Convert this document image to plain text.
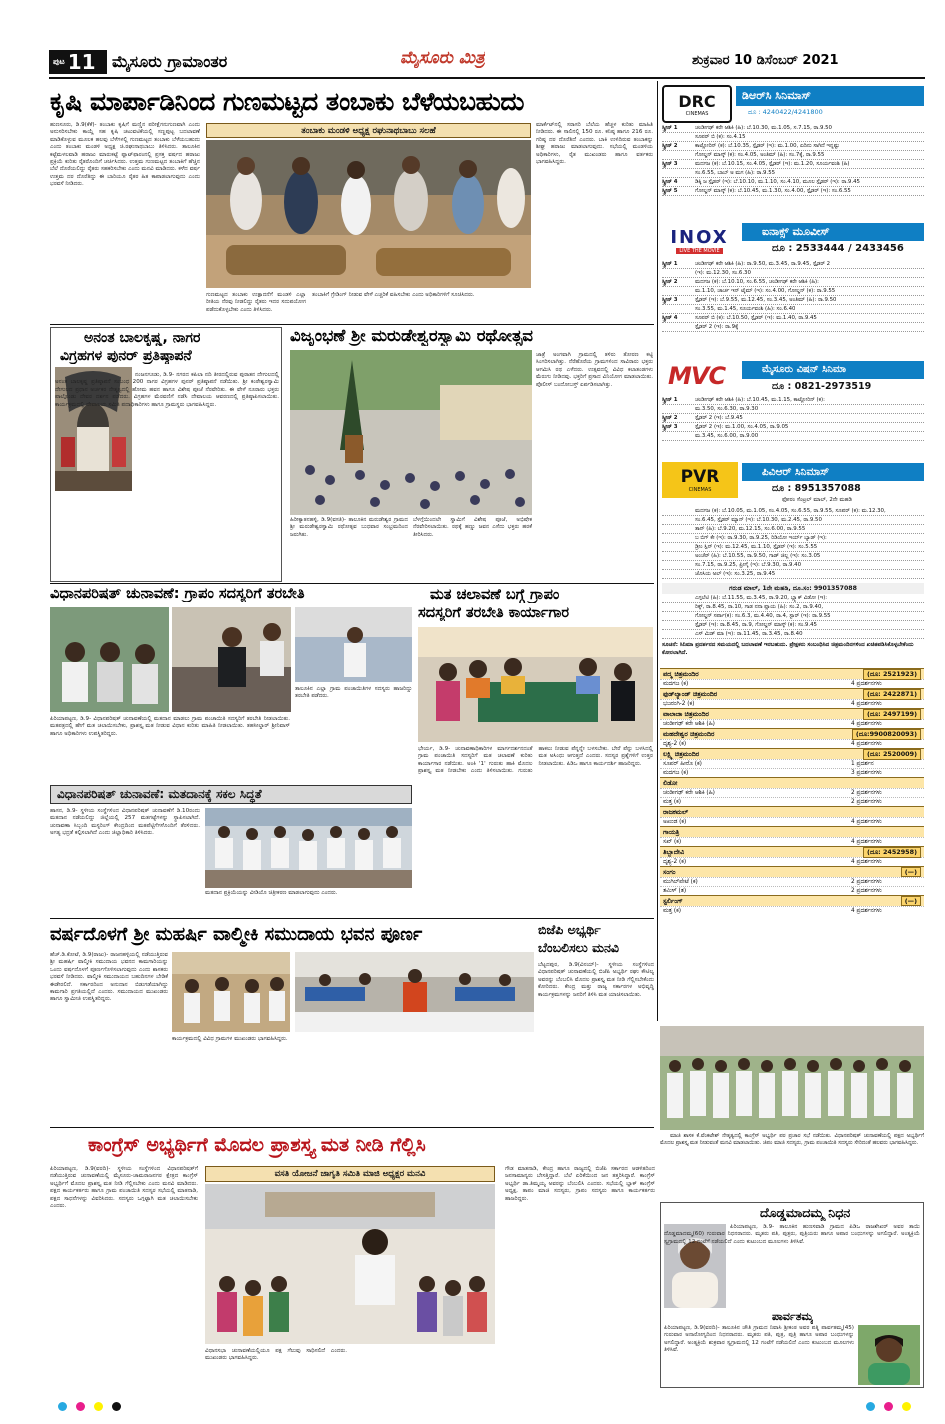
ಪುಟ 11 ಮೈಸೂರು ಗ್ರಾಮಾಂತರ	ಮೈಸೂರು ಮಿತ್ರ	ಶುಕ್ರವಾರ 10 ಡಿಸೆಂಬರ್ 2021
ಕೃಷಿ ಮಾರ್ಪಾಡಿನಿಂದ ಗುಣಮಟ್ಟದ ತಂಬಾಕು ಬೆಳೆಯಬಹುದು
ತಂಬಾಕು ಮಂಡಳಿ ಅಧ್ಯಕ್ಷ ರಘುನಾಥಬಾಬು ಸಲಹೆ
ಹುಣಸೂರು, ಡಿ.9(ಕೆಕೆ)- ತಂಬಾಕು ಕೃಷಿಗೆ ಮಣ್ಣಿನ ಪರೀಕ್ಷೆಗನುಗುಣವಾಗಿ ಎಂದು ಅನುಸರಿಸಬೇಕು ಕಾಯ್ದೆ ಸಹ ಕೃಷಿ ಚಟುವಟಿಕೆಯಲ್ಲಿ ಸಣ್ಣಪುಟ್ಟ ಬದಲಾವಣೆ ಮಾಡಿಕೊಳ್ಳುವ ಮೂಲಕ ಹಲವು ಬೆಳೆಗಳಲ್ಲಿ ಗುಣಮಟ್ಟದ ತಂಬಾಕು ಬೆಳೆಯಬಹುದು ಎಂದು ತಂಬಾಕು ಮಂಡಳಿ ಅಧ್ಯಕ್ಷ ಚಿ.ರಘುನಾಥಬಾಬು ತಿಳಿಸಿದರು. ತಾಲೂಕಿನ ಕಟ್ಟೆಮಳಲವಾಡಿ ಹರಾಜು ಮಾರುಕಟ್ಟೆ ಪ್ಲಾಟ್‌ಫಾರಂನಲ್ಲಿ ಪ್ರಸಕ್ತ ವರ್ಷದ ಹರಾಜು ಪ್ರಕ್ರಿಯೆ ಕುರಿತು ರೈತರೊಂದಿಗೆ ಚರ್ಚಿಸಿದರು. ಉತ್ತಮ ಗುಣಮಟ್ಟದ ತಂಬಾಕಿಗೆ ಹೆಚ್ಚಿನ ಬೆಲೆ ದೊರೆಯಲಿದ್ದು ರೈತರು ಸಹಕರಿಸಬೇಕು ಎಂದು ಮನವಿ ಮಾಡಿದರು. ಕಳೆದ ವರ್ಷ ಉತ್ತಮ ದರ ದೊರೆತಿದ್ದು ಈ ಬಾರಿಯೂ ರೈತರ ಹಿತ ಕಾಪಾಡಲಾಗುವುದು ಎಂದು ಭರವಸೆ ನೀಡಿದರು.
ಗುಣಮಟ್ಟದ ತಂಬಾಕು ಉತ್ಪಾದನೆಗೆ ಮಂಡಳಿ ಎಲ್ಲಾ ರೀತಿಯ ನೆರವು ನೀಡಲಿದ್ದು ರೈತರು ಇದರ ಸದುಪಯೋಗ ಪಡೆದುಕೊಳ್ಳಬೇಕು ಎಂದು ತಿಳಿಸಿದರು.
ತಂಬಾಕಿಗೆ ಗ್ರೇಡಿಂಗ್ ನೀಡುವ ವೇಳೆ ಎಚ್ಚರಿಕೆ ವಹಿಸಬೇಕು ಎಂದು ಅಧಿಕಾರಿಗಳಿಗೆ ಸೂಚಿಸಿದರು.
ಮಾರ್ಕೆಟ್‌ನಲ್ಲಿ ಸರಾಸರಿ ಬೆಲೆಯ ಹೆಚ್ಚಳ ಕುರಿತು ಮಾಹಿತಿ ನೀಡಿದರು. ಈ ಸಾಲಿನಲ್ಲಿ 150 ರೂ. ಕನಿಷ್ಠ ಹಾಗೂ 216 ರೂ. ಗರಿಷ್ಠ ದರ ದೊರೆತಿದೆ ಎಂದರು. ಬಾಕಿ ಉಳಿದಿರುವ ತಂಬಾಕನ್ನು ಶೀಘ್ರ ಹರಾಜು ಮಾಡಲಾಗುವುದು. ಸಭೆಯಲ್ಲಿ ಮಂಡಳಿಯ ಅಧಿಕಾರಿಗಳು, ರೈತ ಮುಖಂಡರು ಹಾಗೂ ವರ್ತಕರು ಭಾಗವಹಿಸಿದ್ದರು.
ಅನಂತ ಬಾಲಕೃಷ್ಣ, ನಾಗರ
ವಿಗ್ರಹಗಳ ಪುನರ್ ಪ್ರತಿಷ್ಠಾಪನೆ
ನಂಜನಗೂಡು, ಡಿ.9- ನಗರದ ಕಪಿಲಾ ನದಿ ತೀರದಲ್ಲಿರುವ ಪುರಾತನ ದೇಗುಲದಲ್ಲಿ ಅನಂತ ಬಾಲಕೃಷ್ಣ ಪ್ರತಿಷ್ಠಾಪನೆ ಸಂಬಂಧ 200 ನಾಗರ ವಿಗ್ರಹಗಳ ಪುನರ್ ಪ್ರತಿಷ್ಠಾಪನೆ ನಡೆಯಿತು. ಶ್ರೀ ಕಂಠೇಶ್ವರಸ್ವಾಮಿ ದೇಗುಲದ ಪ್ರಧಾನ ಅರ್ಚಕರ ನೇತೃತ್ವದಲ್ಲಿ ಹೋಮ ಹವನ ಹಾಗೂ ವಿಶೇಷ ಪೂಜೆ ನೆರವೇರಿತು. ಈ ವೇಳೆ ನೂರಾರು ಭಕ್ತರು ಪಾಲ್ಗೊಂಡು ದೇವರ ದರ್ಶನ ಪಡೆದರು. ವಿಗ್ರಹಗಳ ಮೆರವಣಿಗೆ ನಡೆಸಿ ದೇವಾಲಯ ಆವರಣದಲ್ಲಿ ಪ್ರತಿಷ್ಠಾಪಿಸಲಾಯಿತು. ಕಾರ್ಯಕ್ರಮದಲ್ಲಿ ದೇವಾಲಯ ಸಮಿತಿ ಪದಾಧಿಕಾರಿಗಳು ಹಾಗೂ ಗ್ರಾಮಸ್ಥರು ಭಾಗವಹಿಸಿದ್ದರು.
ವಿಜೃಂಭಣೆ ಶ್ರೀ ಮರುಡೇಶ್ವರಸ್ವಾಮಿ ರಥೋತ್ಸವ
ಹಿರೀಕ್ಯಾತನಹಳ್ಳಿ, ಡಿ.9(ವಸತಿ)- ತಾಲೂಕಿನ ಮರುಡೇಶ್ವರ ಗ್ರಾಮದ ಶ್ರೀ ಮರುಡೇಶ್ವರಸ್ವಾಮಿ ರಥೋತ್ಸವ ಬುಧವಾರ ಸಂಭ್ರಮದಿಂದ ಜರುಗಿತು.
ಬೆಳಗ್ಗೆಯಿಂದಲೇ ಸ್ವಾಮಿಗೆ ವಿಶೇಷ ಪೂಜೆ, ಅಭಿಷೇಕ ನೆರವೇರಿಸಲಾಯಿತು. ರಥಕ್ಕೆ ಹಣ್ಣು ಜವನ ಎಸೆದು ಭಕ್ತರು ಹರಕೆ ತೀರಿಸಿದರು.
ಜಾತ್ರೆ ಅಂಗವಾಗಿ ಗ್ರಾಮದಲ್ಲಿ ತಳಿರು ತೋರಣ ಕಟ್ಟಿ ಸಿಂಗರಿಸಲಾಗಿತ್ತು. ನೆರೆಹೊರೆಯ ಗ್ರಾಮಗಳಿಂದ ಸಾವಿರಾರು ಭಕ್ತರು ಆಗಮಿಸಿ ರಥ ಎಳೆದರು. ಉತ್ಸವದಲ್ಲಿ ವಿವಿಧ ಕಲಾತಂಡಗಳು ಮೆರುಗು ನೀಡಿದವು. ಭಕ್ತರಿಗೆ ಪ್ರಸಾದ ವಿನಿಯೋಗ ಮಾಡಲಾಯಿತು. ಪೊಲೀಸ್ ಬಂದೋಬಸ್ತ್ ಏರ್ಪಡಿಸಲಾಗಿತ್ತು.
ವಿಧಾನಪರಿಷತ್ ಚುನಾವಣೆ: ಗ್ರಾಪಂ ಸದಸ್ಯರಿಗೆ ತರಬೇತಿ
ಪಿರಿಯಾಪಟ್ಟಣ, ಡಿ.9- ವಿಧಾನಪರಿಷತ್ ಚುನಾವಣೆಯಲ್ಲಿ ಮತದಾನ ಮಾಡಲು ಗ್ರಾಮ ಪಂಚಾಯಿತಿ ಸದಸ್ಯರಿಗೆ ತರಬೇತಿ ನೀಡಲಾಯಿತು. ಮತಪತ್ರದಲ್ಲಿ ಹೇಗೆ ಮತ ಚಲಾಯಿಸಬೇಕು, ಪ್ರಾಶಸ್ತ್ಯ ಮತ ನೀಡುವ ವಿಧಾನ ಕುರಿತು ಮಾಹಿತಿ ನೀಡಲಾಯಿತು. ತಹಸೀಲ್ದಾರ್ ಶ್ರೀನಿವಾಸ್ ಹಾಗೂ ಅಧಿಕಾರಿಗಳು ಉಪಸ್ಥಿತರಿದ್ದರು.
ತಾಲೂಕಿನ ಎಲ್ಲಾ ಗ್ರಾಮ ಪಂಚಾಯಿತಿಗಳ ಸದಸ್ಯರು ಹಾಜರಿದ್ದು ತರಬೇತಿ ಪಡೆದರು.
ಮತ ಚಲಾವಣೆ ಬಗ್ಗೆ ಗ್ರಾಪಂ
ಸದಸ್ಯರಿಗೆ ತರಬೇತಿ ಕಾರ್ಯಾಗಾರ
ಭೇರ್ಯ, ಡಿ.9- ಚುನಾವಣಾಧಿಕಾರಿಗಳ ಮಾರ್ಗದರ್ಶನದಂತೆ ಗ್ರಾಮ ಪಂಚಾಯಿತಿ ಸದಸ್ಯರಿಗೆ ಮತ ಚಲಾವಣೆ ಕುರಿತು ಕಾರ್ಯಾಗಾರ ನಡೆಯಿತು. ಅಂಕಿ '1' ಗುರುತು ಹಾಕಿ ಮೊದಲ ಪ್ರಾಶಸ್ತ್ಯ ಮತ ನೀಡಬೇಕು ಎಂದು ತಿಳಿಸಲಾಯಿತು. ಗುರುತು ಹಾಕಲು ನೀಡುವ ಪೆನ್ನನ್ನೇ ಬಳಸಬೇಕು. ಬೇರೆ ಪೆನ್ನು ಬಳಸಿದಲ್ಲಿ ಮತ ಅಸಿಂಧು ಆಗುತ್ತದೆ ಎಂದರು. ಸದಸ್ಯರ ಪ್ರಶ್ನೆಗಳಿಗೆ ಉತ್ತರ ನೀಡಲಾಯಿತು. ಪಿಡಿಒ ಹಾಗೂ ಕಾರ್ಯದರ್ಶಿ ಹಾಜರಿದ್ದರು.
ವಿಧಾನಪರಿಷತ್ ಚುನಾವಣೆ: ಮತದಾನಕ್ಕೆ ಸಕಲ ಸಿದ್ಧತೆ
ಹಾಸನ, ಡಿ.9- ಸ್ಥಳೀಯ ಸಂಸ್ಥೆಗಳಿಂದ ವಿಧಾನಪರಿಷತ್ ಚುನಾವಣೆಗೆ ಡಿ.10ರಂದು ಮತದಾನ ನಡೆಯಲಿದ್ದು ಜಿಲ್ಲೆಯಲ್ಲಿ 257 ಮತಗಟ್ಟೆಗಳನ್ನು ಸ್ಥಾಪಿಸಲಾಗಿದೆ. ಚುನಾವಣಾ ಸಿಬ್ಬಂದಿ ಮಸ್ಟರಿಂಗ್ ಕೇಂದ್ರದಿಂದ ಮತಪೆಟ್ಟಿಗೆಗಳೊಂದಿಗೆ ತೆರಳಿದರು. ಅಗತ್ಯ ಭದ್ರತೆ ಕಲ್ಪಿಸಲಾಗಿದೆ ಎಂದು ಜಿಲ್ಲಾಧಿಕಾರಿ ತಿಳಿಸಿದರು.
ಮತದಾನ ಪ್ರಕ್ರಿಯೆಯನ್ನು ವೀಡಿಯೊ ಚಿತ್ರೀಕರಣ ಮಾಡಲಾಗುವುದು ಎಂದರು.
ವರ್ಷದೊಳಗೆ ಶ್ರೀ ಮಹರ್ಷಿ ವಾಲ್ಮೀಕಿ ಸಮುದಾಯ ಭವನ ಪೂರ್ಣ
ಹೆಚ್.ಡಿ.ಕೋಟೆ, ಡಿ.9(ರಾಜು)- ರಾಜನಹಳ್ಳಿಯಲ್ಲಿ ನಡೆಯುತ್ತಿರುವ ಶ್ರೀ ಮಹರ್ಷಿ ವಾಲ್ಮೀಕಿ ಸಮುದಾಯ ಭವನದ ಕಾಮಗಾರಿಯನ್ನು ಒಂದು ವರ್ಷದೊಳಗೆ ಪೂರ್ಣಗೊಳಿಸಲಾಗುವುದು ಎಂದು ಶಾಸಕರು ಭರವಸೆ ನೀಡಿದರು. ವಾಲ್ಮೀಕಿ ಸಮುದಾಯದ ಬಹುದಿನಗಳ ಬೇಡಿಕೆ ಈಡೇರಲಿದೆ. ಸರ್ಕಾರದಿಂದ ಅನುದಾನ ಬಿಡುಗಡೆಯಾಗಿದ್ದು ಕಾಮಗಾರಿ ಪ್ರಗತಿಯಲ್ಲಿದೆ ಎಂದರು. ಸಮುದಾಯದ ಮುಖಂಡರು ಹಾಗೂ ಸ್ವಾಮೀಜಿ ಉಪಸ್ಥಿತರಿದ್ದರು.
ಕಾರ್ಯಕ್ರಮದಲ್ಲಿ ವಿವಿಧ ಗ್ರಾಮಗಳ ಮುಖಂಡರು ಭಾಗವಹಿಸಿದ್ದರು.
ಬಿಜೆಪಿ ಅಭ್ಯರ್ಥಿ
ಬೆಂಬಲಿಸಲು ಮನವಿ
ಬೆಟ್ಟದಪುರ, ಡಿ.9(ವಿನಯ್)- ಸ್ಥಳೀಯ ಸಂಸ್ಥೆಗಳಿಂದ ವಿಧಾನಪರಿಷತ್ ಚುನಾವಣೆಯಲ್ಲಿ ಬಿಜೆಪಿ ಅಭ್ಯರ್ಥಿ ರಘು ಕೌಟಿಲ್ಯ ಅವರನ್ನು ಬೆಂಬಲಿಸಿ ಮೊದಲ ಪ್ರಾಶಸ್ತ್ಯ ಮತ ನೀಡಿ ಗೆಲ್ಲಿಸಬೇಕೆಂದು ಕೋರಿದರು. ಕೇಂದ್ರ ಮತ್ತು ರಾಜ್ಯ ಸರ್ಕಾರಗಳ ಅಭಿವೃದ್ಧಿ ಕಾರ್ಯಕ್ರಮಗಳನ್ನು ಜನರಿಗೆ ತಿಳಿಸಿ ಮತ ಯಾಚಿಸಲಾಯಿತು.
ಕಾಂಗ್ರೆಸ್ ಅಭ್ಯರ್ಥಿಗೆ ಮೊದಲ ಪ್ರಾಶಸ್ತ್ಯ ಮತ ನೀಡಿ ಗೆಲ್ಲಿಸಿ
ಪಿರಿಯಾಪಟ್ಟಣ, ಡಿ.9(ವರದಿ)- ಸ್ಥಳೀಯ ಸಂಸ್ಥೆಗಳಿಂದ ವಿಧಾನಪರಿಷತ್‌ಗೆ ನಡೆಯುತ್ತಿರುವ ಚುನಾವಣೆಯಲ್ಲಿ ಮೈಸೂರು-ಚಾಮರಾಜನಗರ ಕ್ಷೇತ್ರದ ಕಾಂಗ್ರೆಸ್ ಅಭ್ಯರ್ಥಿಗೆ ಮೊದಲ ಪ್ರಾಶಸ್ತ್ಯ ಮತ ನೀಡಿ ಗೆಲ್ಲಿಸಬೇಕು ಎಂದು ಮನವಿ ಮಾಡಿದರು. ಪಕ್ಷದ ಕಾರ್ಯಕರ್ತರು ಹಾಗೂ ಗ್ರಾಮ ಪಂಚಾಯಿತಿ ಸದಸ್ಯರ ಸಭೆಯಲ್ಲಿ ಮಾತನಾಡಿ, ಪಕ್ಷದ ಸಾಧನೆಗಳನ್ನು ವಿವರಿಸಿದರು. ಸದಸ್ಯರು ಒಗ್ಗಟ್ಟಾಗಿ ಮತ ಚಲಾಯಿಸಬೇಕು ಎಂದರು.
ವಸತಿ ಯೋಜನೆ ಜಾಗೃತಿ ಸಮಿತಿ ಮಾಜಿ ಅಧ್ಯಕ್ಷರ ಮನವಿ
ವಿಧಾನಸಭಾ ಚುನಾವಣೆಯಲ್ಲಿಯೂ ಪಕ್ಷ ಗೆಲುವು ಸಾಧಿಸಲಿದೆ ಎಂದರು. ಮುಖಂಡರು ಭಾಗವಹಿಸಿದ್ದರು.
ಗೌಡ ಮಾತನಾಡಿ, ಕೇಂದ್ರ ಹಾಗೂ ರಾಜ್ಯದಲ್ಲಿ ಬಿಜೆಪಿ ಸರ್ಕಾರದ ಆಡಳಿತದಿಂದ ಜನಸಾಮಾನ್ಯರು ಬೇಸತ್ತಿದ್ದಾರೆ. ಬೆಲೆ ಏರಿಕೆಯಿಂದ ಜನ ತತ್ತರಿಸಿದ್ದಾರೆ. ಕಾಂಗ್ರೆಸ್ ಅಭ್ಯರ್ಥಿ ಡಾ.ತಿಮ್ಮಯ್ಯ ಅವರನ್ನು ಬೆಂಬಲಿಸಿ ಎಂದರು. ಸಭೆಯಲ್ಲಿ ಬ್ಲಾಕ್ ಕಾಂಗ್ರೆಸ್ ಅಧ್ಯಕ್ಷ, ತಾಪಂ ಮಾಜಿ ಸದಸ್ಯರು, ಗ್ರಾಪಂ ಸದಸ್ಯರು ಹಾಗೂ ಕಾರ್ಯಕರ್ತರು ಹಾಜರಿದ್ದರು.
ಮಾಜಿ ಶಾಸಕ ಕೆ.ವೆಂಕಟೇಶ್ ನೇತೃತ್ವದಲ್ಲಿ ಕಾಂಗ್ರೆಸ್ ಅಭ್ಯರ್ಥಿ ಪರ ಪ್ರಚಾರ ಸಭೆ ನಡೆಯಿತು. ವಿಧಾನಪರಿಷತ್ ಚುನಾವಣೆಯಲ್ಲಿ ಪಕ್ಷದ ಅಭ್ಯರ್ಥಿಗೆ ಮೊದಲ ಪ್ರಾಶಸ್ತ್ಯ ಮತ ನೀಡುವಂತೆ ಮನವಿ ಮಾಡಲಾಯಿತು. ಜಿಪಂ ಮಾಜಿ ಸದಸ್ಯರು, ಗ್ರಾಮ ಪಂಚಾಯಿತಿ ಸದಸ್ಯರು ಸೇರಿದಂತೆ ಹಲವರು ಭಾಗವಹಿಸಿದ್ದರು.
ದೊಡ್ಡಮಾದಮ್ಮ ನಿಧನ
ಪಿರಿಯಾಪಟ್ಟಣ, ಡಿ.9- ತಾಲೂಕಿನ ಹುಣಸವಾಡಿ ಗ್ರಾಮದ ಪಿಡಿಒ ರಾಜಶೇಖರ್ ಅವರ ತಾಯಿ ದೊಡ್ಡಮಾದಮ್ಮ(60) ಗುರುವಾರ ನಿಧನರಾದರು. ಮೃತರು ಪತಿ, ಪುತ್ರರು, ಪುತ್ರಿಯರು ಹಾಗೂ ಅಪಾರ ಬಂಧುಗಳನ್ನು ಅಗಲಿದ್ದಾರೆ. ಅಂತ್ಯಕ್ರಿಯೆ ಸ್ವಗ್ರಾಮದಲ್ಲಿ 12 ಗಂಟೆಗೆ ನಡೆಯಲಿದೆ ಎಂದು ಕುಟುಂಬದ ಮೂಲಗಳು ತಿಳಿಸಿವೆ.
ಪಾರ್ವತಮ್ಮ
ಪಿರಿಯಾಪಟ್ಟಣ, ಡಿ.9(ವರದಿ)- ತಾಲೂಕಿನ ಚೌತಿ ಗ್ರಾಮದ ನಿವಾಸಿ ಶ್ರೀಕಂಠ ಅವರ ಪತ್ನಿ ಪಾರ್ವತಮ್ಮ(45) ಗುರುವಾರ ಅನಾರೋಗ್ಯದಿಂದ ನಿಧನರಾದರು. ಮೃತರು ಪತಿ, ಪುತ್ರ, ಪುತ್ರಿ ಹಾಗೂ ಅಪಾರ ಬಂಧುಗಳನ್ನು ಅಗಲಿದ್ದಾರೆ. ಅಂತ್ಯಕ್ರಿಯೆ ಶುಕ್ರವಾರ ಸ್ವಗ್ರಾಮದಲ್ಲಿ 12 ಗಂಟೆಗೆ ನಡೆಯಲಿದೆ ಎಂದು ಕುಟುಂಬದ ಮೂಲಗಳು ತಿಳಿಸಿವೆ.
DRC
CINEMAS
ಡಿಆರ್‌ಸಿ ಸಿನಿಮಾಸ್
ದೂ : 4240422/4241800
ಸ್ಕ್ರೀನ್ 1	ಚಂಡೀಗಢ್ ಕರೇ ಆಶಿಕಿ (ಹಿ): ಬೆ.10.30, ಮ.1.05, ಸ.7.15, ರಾ.9.50
ಸೂಪರ್ ಬಿ (ಕ): ಸಂ.4.15
ಸ್ಕ್ರೀನ್ 2	ಕಾಟ್ಲೋರಿನ್ (ಕ): ಬೆ.10.35, ಸ್ಪೈಡರ್ (ಇ): ಮ.1.00, ಏದಿನು ಸಾಗಿದೆ ಇನ್ನಷ್ಟು
ಗೋಲ್ಡನ್ ಮಾಸ್ಕ್ (ಕ): ಸಂ.4.05, ಅಂತಿಮ್ (ಹಿ): ಸಂ.7ಕ್ಕೆ, ರಾ.9.55
ಸ್ಕ್ರೀನ್ 3	ಮದಗಜ (ಕ): ಬೆ.10.15, ಸಂ.4.05, ಸ್ಪೈಡರ್ (ಇ): ಮ.1.20, ಸೂರ್ಯವಂಶಿ (ಹಿ)
ಸಂ.6.55, ಬಾಬ್ ಅ ಮಗ (ಹಿ): ರಾ.9.55
ಸ್ಕ್ರೀನ್ 4	ಡಿಕ್ಕಿ ಜ ಸ್ಪೈಡರ್ (ಇ): ಬೆ.10.10, ಮ.1.10, ಸಂ.4.10, ಮೂಲ ಸ್ಪೈಡರ್ (ಇ): ರಾ.9.45
ಸ್ಕ್ರೀನ್ 5	ಗೋಲ್ಡನ್ ಮಾಸ್ಕ್ (ಕ): ಬೆ.10.45, ಮ.1.30, ಸಂ.4.00, ಸ್ಪೈಡರ್ (ಇ): ಸಂ.6.55
INOX
LIVE THE MOVIE
ಐನಾಕ್ಸ್ ಮೂವೀಸ್
ದೂ : 2533444 / 2433456
ಸ್ಕ್ರೀನ್ 1	ಚಂಡೀಗಢ್ ಕರೇ ಆಶಿಕಿ (ಹಿ): ರಾ.9.50, ಮ.3.45, ರಾ.9.45, ಸ್ಪೈಡರ್ 2
(ಇ): ಮ.12.30, ಸಂ.6.30
ಸ್ಕ್ರೀನ್ 2	ಮದಗಜ (ಕ): ಬೆ.10.10, ಸಂ.6.55, ಚಂಡೀಗಢ್ ಕರೇ ಆಶಿಕಿ (ಹಿ):
ಮ.1.10, ಚಾರ್ಚ ಇನ್ ಟೈಮ್ (ಇ): ಸಂ.4.00, ಗೋಲ್ಡನ್ (ಕ): ರಾ.9.55
ಸ್ಕ್ರೀನ್ 3	ಸ್ಪೈಡರ್ (ಇ): ಬೆ.9.55, ಮ.12.45, ಸಂ.3.45, ಅಂತಿಮ್ (ಹಿ): ರಾ.9.50
ಸಂ.3.55, ಮ.1.45, ಸೂರ್ಯವಂಶಿ (ಹಿ): ಸಂ.6.40
ಸ್ಕ್ರೀನ್ 4	ಸೂಪರ್ ಬಿ (ಕ): ಬೆ.10.50, ಸ್ಪೈಡರ್ (ಇ): ಮ.1.40, ರಾ.9.45
ಸ್ಪೈಡರ್ 2 (ಇ): ರಾ.9ಕ್ಕೆ
MVC	ಮೈಸೂರು ವಿಷನ್ ಸಿನಿಮಾ
ದೂ : 0821-2973519
ಸ್ಕ್ರೀನ್ 1	ಚಂಡೀಗಢ್ ಕರೇ ಆಶಿಕಿ (ಹಿ): ಬೆ.10.45, ಮ.1.15, ಕಾಟ್ಲೋರಿನ್ (ಕ):
ಮ.3.50, ಸಂ.6.30, ರಾ.9.30
ಸ್ಕ್ರೀನ್ 2	ಸ್ಪೈಡರ್ 2 (ಇ): ಬೆ.9.45
ಸ್ಕ್ರೀನ್ 3	ಸ್ಪೈಡರ್ 2 (ಇ): ಮ.1.00, ಸಂ.4.05, ರಾ.9.05
ಮ.3.45, ಸಂ.6.00, ರಾ.9.00
PVR
CINEMAS
ಪಿವಿಆರ್ ಸಿನಿಮಾಸ್
ದೂ : 8951357088
ಫೋರಂ ಸೆಂಟ್ರಲ್ ಮಾಲ್, 2ನೇ ಮಹಡಿ
ಮದಗಜ (ಕ): ಬೆ.10.05, ಮ.1.05, ಸಂ.4.05, ಸಂ.6.55, ರಾ.9.55, ಸೂಪರ್ (ಕ): ಮ.12.30,
ಸಂ.6.45, ಸ್ಪೈಡರ್ ಮ್ಯಾನ್ (ಇ): ಬೆ.10.30, ಮ.2.45, ರಾ.9.50
ತಾನ್ (ಹಿ): ಬೆ.9.20, ಮ.12.15, ಸಂ.6.00, ರಾ.9.55
ಬ ಬಿಗ್ ಕೇ (ಇ): ರಾ.9.30, ರಾ.9.25, ರಿಡಿಯೋ ಇರ್ಯ್ ಬ್ಯಾಡ್ (ಇ):
ಡ್ರೀಂ ಸ್ಪಿನ್ (ಇ): ಮ.12.45, ಮ.1.10, ಸ್ಪೈಡರ್ (ಇ): ಸಂ.5.55
ಅಂಚೆರ್ (ಹಿ): ಬೆ.10.55, ರಾ.9.50, ಗಾಡ್ ಜಿಲ್ಲ (ಇ): ಸಂ.3.05
ಸಂ.7.15, ರಾ.9.25, ಫ್ರೀಗೈ (ಇ): ಬೆ.9.30, ರಾ.9.40
ಜೊಸಿಯ ಅಲ್ (ಇ): ಸಂ.3.25, ರಾ.9.45
ಗರುಡ ಮಾಲ್, 1ನೇ ಮಹಡಿ, ದೂ.ಸಂ: 9901357088
ಎಗ್ಗಲೆಟಿ (ಹಿ): ಬೆ.11.55, ಮ.3.45, ರಾ.9.20, ಬ್ಲ್ಯಾಕ್ ವಿಡೋ (ಇ):
ರಿಕ್ಕ್, ರಾ.8.45, ರಾ.10, ಗಾಡ ನನಾ ಪ್ಲಾಯ (ಹಿ): ಸಂ.2, ರಾ.9.40,
ಗೋಲ್ಡನ್ ಸರ್ಪಾ(ಕ): ಸಂ.6.3, ಮ.4.40, ರಾ.4, ಸ್ಟಾರ್ (ಇ): ರಾ.9.55
ಸ್ಪೈಡರ್ (ಇ): ರಾ.8.45, ರಾ.9, ಗೋಲ್ಡನ್ ಮಾಸ್ಕ್ (ಕ): ಸಂ.9.45
ಎಸ್ ಮಿಡ್ ಮಾ (ಇ): ರಾ.11.45, ರಾ.3.45, ರಾ.8.40
ಸೂಚನೆ: ಸಿನಿಮಾ ಪ್ರದರ್ಶನದ ಸಮಯದಲ್ಲಿ ಬದಲಾವಣೆ ಇರಬಹುದು. ಪ್ರೇಕ್ಷಕರು ಸಂಬಂಧಿಸಿದ ಚಿತ್ರಮಂದಿರಗಳಿಂದ ಖಚಿತಪಡಿಸಿಕೊಳ್ಳಬೇಕೆಂದು ಕೋರಲಾಗಿದೆ.
ಪದ್ಮ ಚಿತ್ರಮಂದಿರ	(ದೂ: 2521923)
ಮದಗಜ (ಕ)	4 ಪ್ರದರ್ಶನಗಳು
ಫುಡ್‌ಲ್ಯಾಂಡ್ ಚಿತ್ರಮಂದಿರ	(ದೂ: 2422871)
ಭಜರಂಗಿ-2 (ಕ)	4 ಪ್ರದರ್ಶನಗಳು
ವಾಲಾಜಾ ಚಿತ್ರಮಂದಿರ	(ದೂ: 2497199)
ಚಂಡೀಗಢ್ ಕರೇ ಆಶಿಕಿ (ಹಿ)	4 ಪ್ರದರ್ಶನಗಳು
ಮಹದೇಶ್ವರ ಚಿತ್ರಮಂದಿರ	(ದೂ:9900820093)
ದೃಶ್ಯ-2 (ಕ)	4 ಪ್ರದರ್ಶನಗಳು
ಲಕ್ಷ್ಮಿ ಚಿತ್ರಮಂದಿರ	(ದೂ: 2520009)
ಸೂಪರ್ ಹೀರೊ (ಕ)	1 ಪ್ರದರ್ಶನ
ಮದಗಜ (ಕ)	3 ಪ್ರದರ್ಶನಗಳು
ಲಿಡೋ
ಚಂಡೀಗಢ್ ಕರೇ ಆಶಿಕಿ (ಹಿ)	2 ಪ್ರದರ್ಶನಗಳು
ಮತ್ತ (ಕ)	2 ಪ್ರದರ್ಶನಗಳು
ರಾಜಕಮಲ್
ಅಖಂಡ (ಕ)	4 ಪ್ರದರ್ಶನಗಳು
ಗಾಯತ್ರಿ
ಸಖ್ (ಕ)	4 ಪ್ರದರ್ಶನಗಳು
ತಿಬ್ಬಾದೇವಿ	(ದೂ: 2452958)
ದೃಶ್ಯ-2 (ಕ)	4 ಪ್ರದರ್ಶನಗಳು
ಸಂಗಂ	(—)
ಮುಗಿಲ್‌ಪೇಟೆ (ಕ)	2 ಪ್ರದರ್ಶನಗಳು
ತಮಿಳ್ (ತ)	2 ಪ್ರದರ್ಶನಗಳು
ಸ್ಟರ್ಲಿಂಗ್	(—)
ಮತ್ತ (ಕ)	4 ಪ್ರದರ್ಶನಗಳು
